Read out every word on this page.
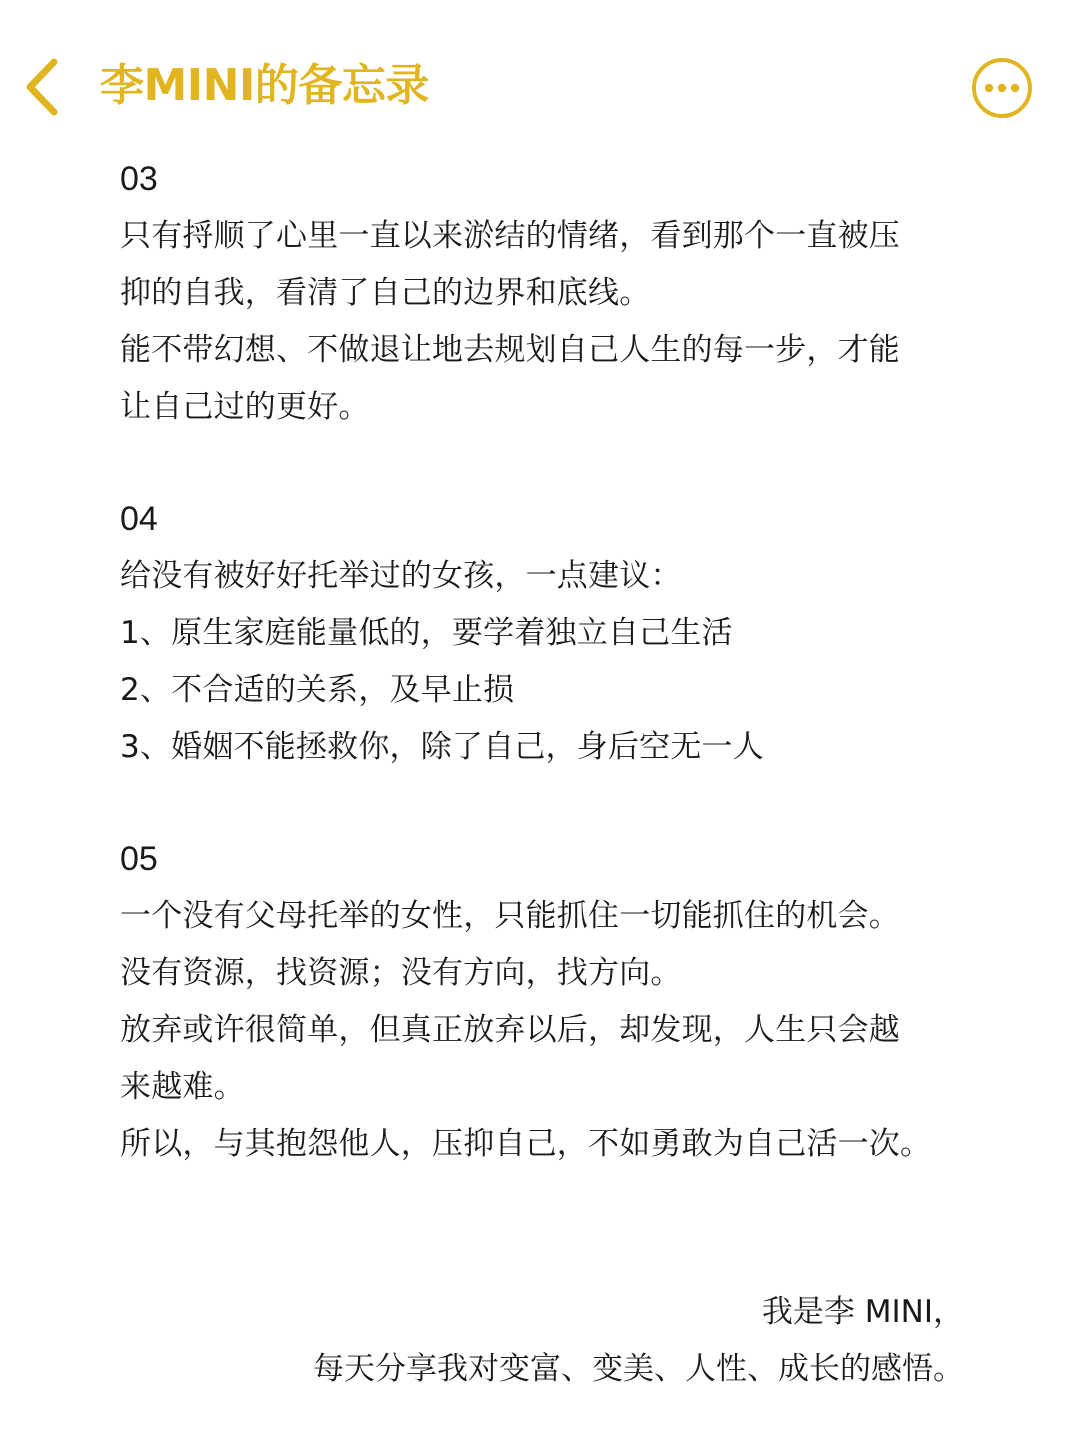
李MINI的备忘录
03
只有捋顺了心里一直以来淤结的情绪，看到那个一直被压
抑的自我，看清了自己的边界和底线。
能不带幻想、不做退让地去规划自己人生的每一步，才能
让自己过的更好。
04
给没有被好好托举过的女孩，一点建议：
1、原生家庭能量低的，要学着独立自己生活
2、不合适的关系，及早止损
3、婚姻不能拯救你，除了自己，身后空无一人
05
一个没有父母托举的女性，只能抓住一切能抓住的机会。
没有资源，找资源；没有方向，找方向。
放弃或许很简单，但真正放弃以后，却发现，人生只会越
来越难。
所以，与其抱怨他人，压抑自己，不如勇敢为自己活一次。
我是李 MINI，
每天分享我对变富、变美、人性、成长的感悟。
